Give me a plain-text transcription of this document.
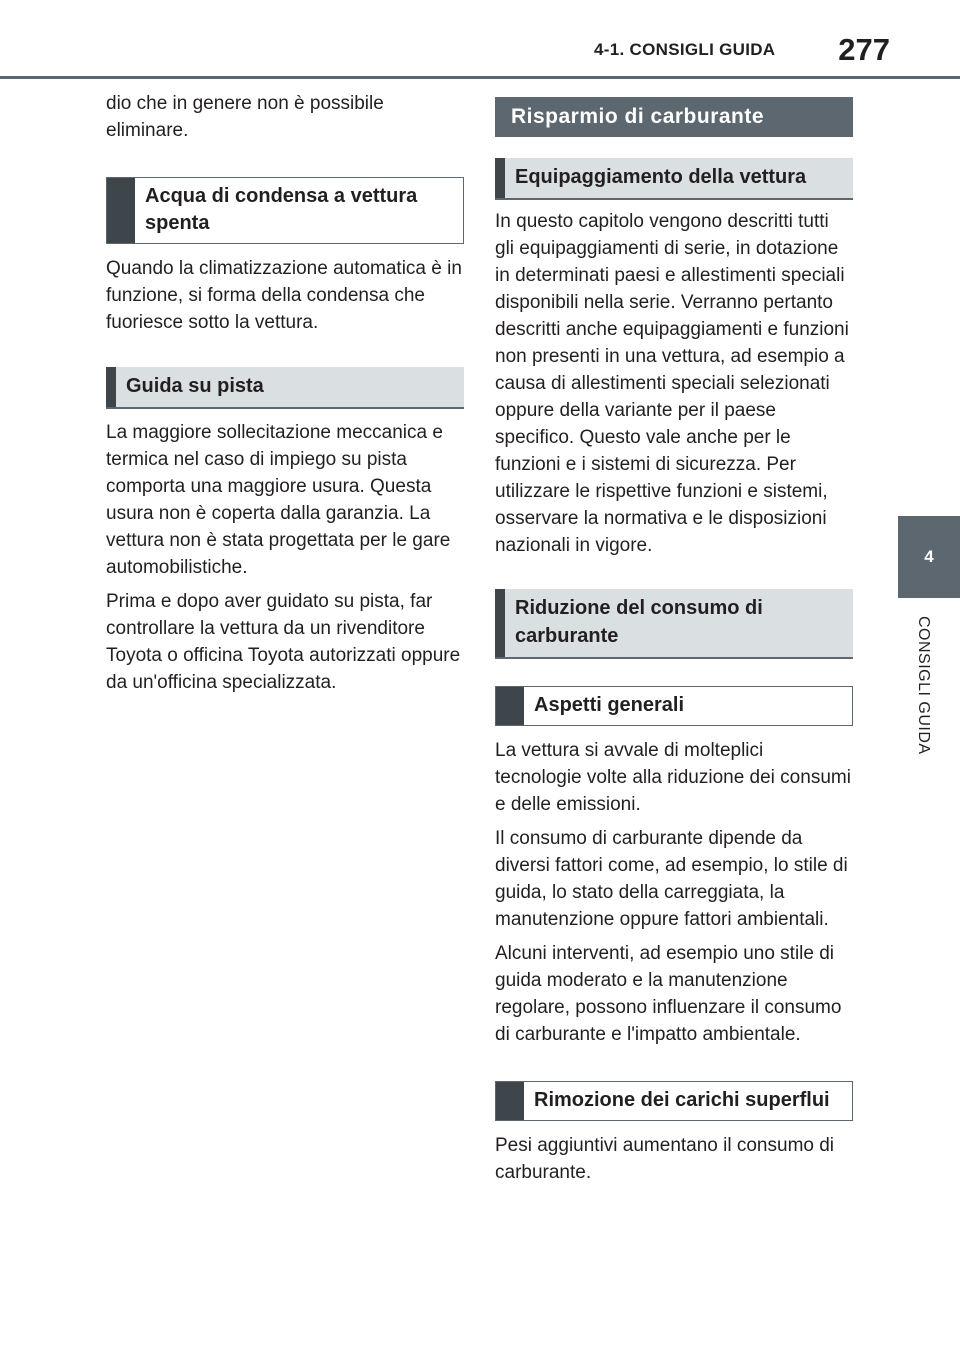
4-1. CONSIGLI GUIDA 277
4
CONSIGLI GUIDA

dio che in genere non è possibile eliminare.

Acqua di condensa a vettura spenta

Quando la climatizzazione automatica è in funzione, si forma della condensa che fuoriesce sotto la vettura.

Guida su pista

La maggiore sollecitazione meccanica e termica nel caso di impiego su pista comporta una maggiore usura. Questa usura non è coperta dalla garanzia. La vettura non è stata progettata per le gare automobilistiche.

Prima e dopo aver guidato su pista, far controllare la vettura da un rivenditore Toyota o officina Toyota autorizzati oppure da un'officina specializzata.

Risparmio di carburante
Equipaggiamento della vettura

In questo capitolo vengono descritti tutti gli equipaggiamenti di serie, in dotazione in determinati paesi e allestimenti speciali disponibili nella serie. Verranno pertanto descritti anche equipaggiamenti e funzioni non presenti in una vettura, ad esempio a causa di allestimenti speciali selezionati oppure della variante per il paese specifico. Questo vale anche per le funzioni e i sistemi di sicurezza. Per utilizzare le rispettive funzioni e sistemi, osservare la normativa e le disposizioni nazionali in vigore.

Riduzione del consumo di carburante
Aspetti generali

La vettura si avvale di molteplici tecnologie volte alla riduzione dei consumi e delle emissioni.

Il consumo di carburante dipende da diversi fattori come, ad esempio, lo stile di guida, lo stato della carreggiata, la manutenzione oppure fattori ambientali.

Alcuni interventi, ad esempio uno stile di guida moderato e la manutenzione regolare, possono influenzare il consumo di carburante e l'impatto ambientale.

Rimozione dei carichi superflui

Pesi aggiuntivi aumentano il consumo di carburante.
